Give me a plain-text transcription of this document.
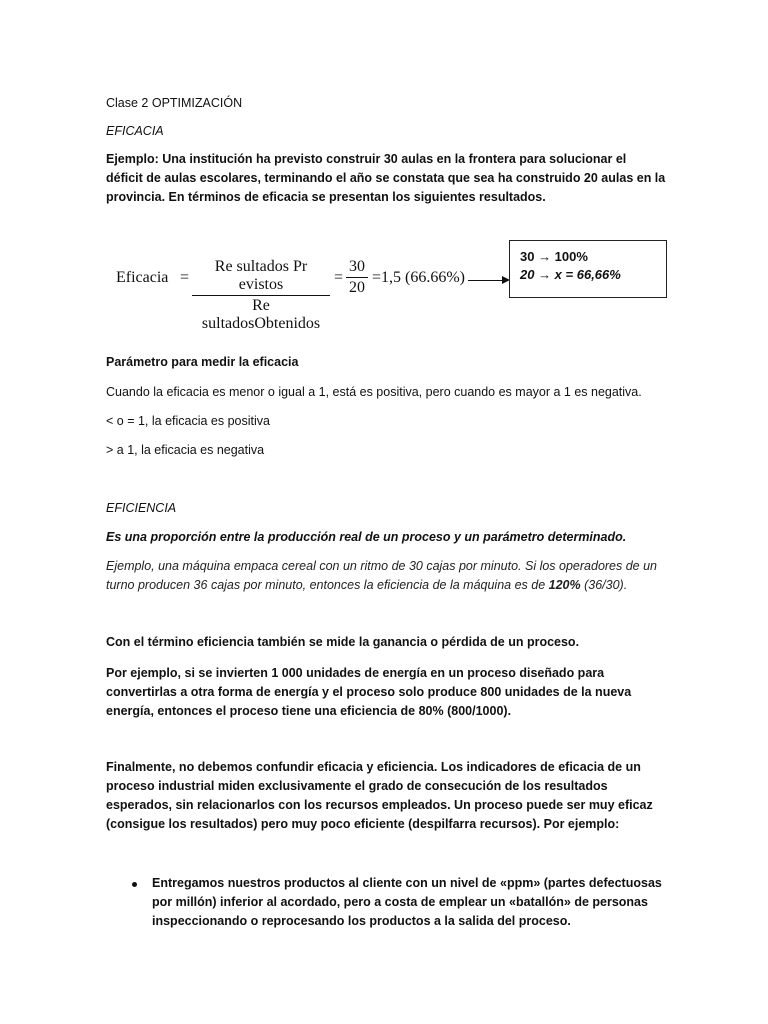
Clase 2 OPTIMIZACIÓN

EFICACIA

Ejemplo: Una institución ha previsto construir 30 aulas en la frontera para solucionar el déficit de aulas escolares, terminando el año se constata que sea ha construido 20 aulas en la provincia. En términos de eficacia se presentan los siguientes resultados.

Eficacia =
Re sultados Pr evistos
Re sultadosObtenidos
=
30
20
=1,5 (66.66%)
30 → 100%
20 → x = 66,66%

Parámetro para medir la eficacia

Cuando la eficacia es menor o igual a 1, está es positiva, pero cuando es mayor a 1 es negativa.

< o = 1, la eficacia es positiva

> a 1, la eficacia es negativa

EFICIENCIA

Es una proporción entre la producción real de un proceso y un parámetro determinado.

Ejemplo, una máquina empaca cereal con un ritmo de 30 cajas por minuto. Si los operadores de un turno producen 36 cajas por minuto, entonces la eficiencia de la máquina es de 120% (36/30).

Con el término eficiencia también se mide la ganancia o pérdida de un proceso.

Por ejemplo, si se invierten 1 000 unidades de energía en un proceso diseñado para convertirlas a otra forma de energía y el proceso solo produce 800 unidades de la nueva energía, entonces el proceso tiene una eficiencia de 80% (800/1000).

Finalmente, no debemos confundir eficacia y eficiencia. Los indicadores de eficacia de un proceso industrial miden exclusivamente el grado de consecución de los resultados esperados, sin relacionarlos con los recursos empleados. Un proceso puede ser muy eficaz (consigue los resultados) pero muy poco eficiente (despilfarra recursos). Por ejemplo:

Entregamos nuestros productos al cliente con un nivel de «ppm» (partes defectuosas por millón) inferior al acordado, pero a costa de emplear un «batallón» de personas inspeccionando o reprocesando los productos a la salida del proceso.
